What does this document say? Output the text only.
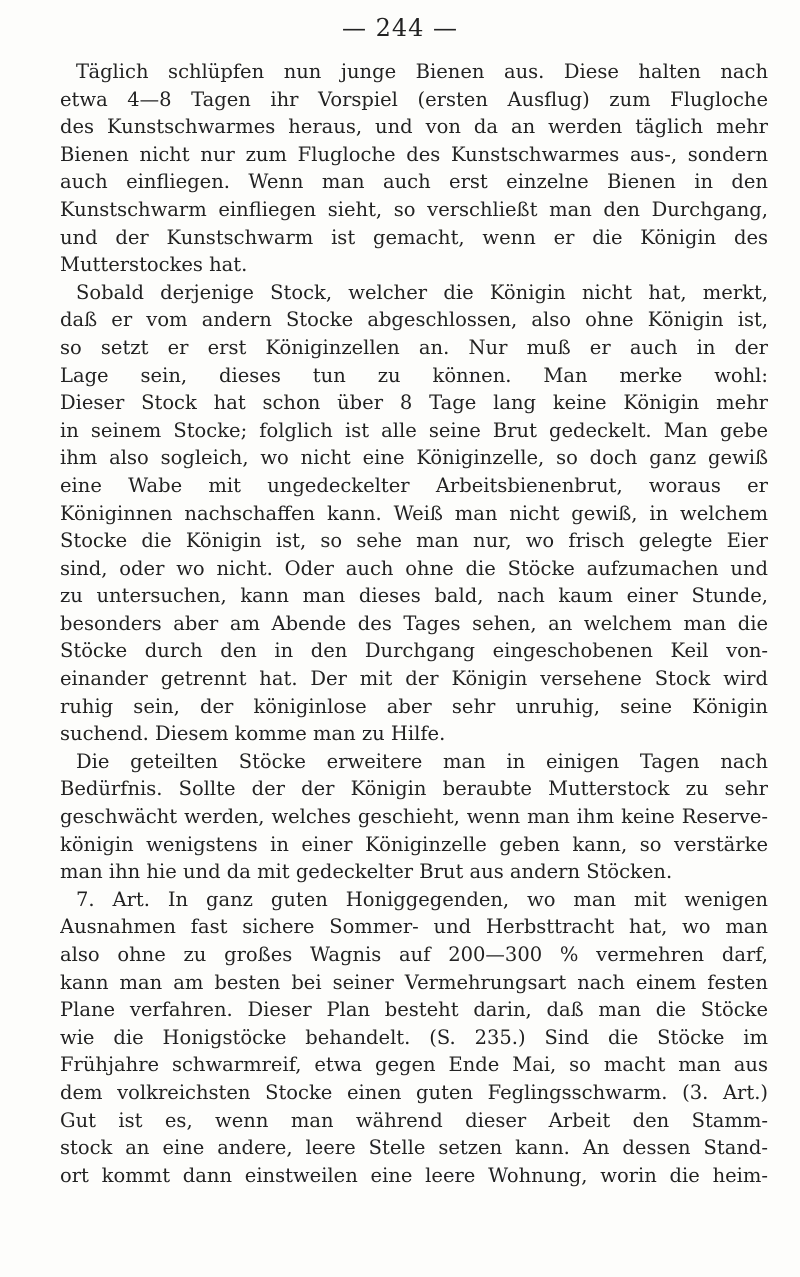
— 244 —
Täglich schlüpfen nun junge Bienen aus. Diese halten nach
etwa 4—8 Tagen ihr Vorspiel (ersten Ausflug) zum Flugloche
des Kunstschwarmes heraus, und von da an werden täglich mehr
Bienen nicht nur zum Flugloche des Kunstschwarmes aus-, sondern
auch einfliegen. Wenn man auch erst einzelne Bienen in den
Kunstschwarm einfliegen sieht, so verschließt man den Durchgang,
und der Kunstschwarm ist gemacht, wenn er die Königin des
Mutterstockes hat.
Sobald derjenige Stock, welcher die Königin nicht hat, merkt,
daß er vom andern Stocke abgeschlossen, also ohne Königin ist,
so setzt er erst Königinzellen an. Nur muß er auch in der
Lage sein, dieses tun zu können. Man merke wohl:
Dieser Stock hat schon über 8 Tage lang keine Königin mehr
in seinem Stocke; folglich ist alle seine Brut gedeckelt. Man gebe
ihm also sogleich, wo nicht eine Königinzelle, so doch ganz gewiß
eine Wabe mit ungedeckelter Arbeitsbienenbrut, woraus er
Königinnen nachschaffen kann. Weiß man nicht gewiß, in welchem
Stocke die Königin ist, so sehe man nur, wo frisch gelegte Eier
sind, oder wo nicht. Oder auch ohne die Stöcke aufzumachen und
zu untersuchen, kann man dieses bald, nach kaum einer Stunde,
besonders aber am Abende des Tages sehen, an welchem man die
Stöcke durch den in den Durchgang eingeschobenen Keil von-
einander getrennt hat. Der mit der Königin versehene Stock wird
ruhig sein, der königinlose aber sehr unruhig, seine Königin
suchend. Diesem komme man zu Hilfe.
Die geteilten Stöcke erweitere man in einigen Tagen nach
Bedürfnis. Sollte der der Königin beraubte Mutterstock zu sehr
geschwächt werden, welches geschieht, wenn man ihm keine Reserve-
königin wenigstens in einer Königinzelle geben kann, so verstärke
man ihn hie und da mit gedeckelter Brut aus andern Stöcken.
7. Art. In ganz guten Honiggegenden, wo man mit wenigen
Ausnahmen fast sichere Sommer- und Herbsttracht hat, wo man
also ohne zu großes Wagnis auf 200—300 % vermehren darf,
kann man am besten bei seiner Vermehrungsart nach einem festen
Plane verfahren. Dieser Plan besteht darin, daß man die Stöcke
wie die Honigstöcke behandelt. (S. 235.) Sind die Stöcke im
Frühjahre schwarmreif, etwa gegen Ende Mai, so macht man aus
dem volkreichsten Stocke einen guten Feglingsschwarm. (3. Art.)
Gut ist es, wenn man während dieser Arbeit den Stamm-
stock an eine andere, leere Stelle setzen kann. An dessen Stand-
ort kommt dann einstweilen eine leere Wohnung, worin die heim-
